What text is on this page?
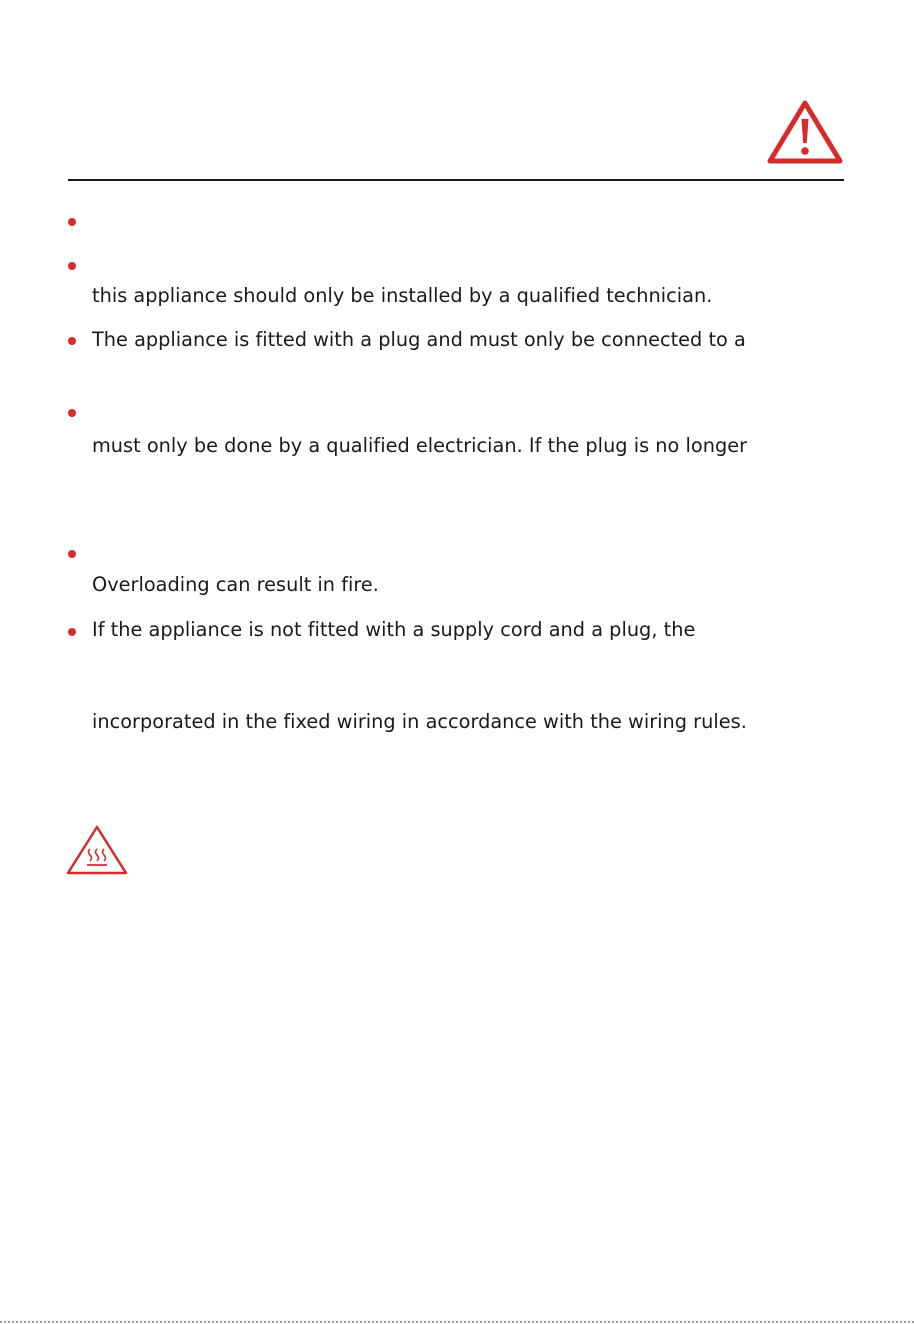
this appliance should only be installed by a qualified technician.
The appliance is fitted with a plug and must only be connected to a
must only be done by a qualified electrician. If the plug is no longer
Overloading can result in fire.
If the appliance is not fitted with a supply cord and a plug, the
incorporated in the fixed wiring in accordance with the wiring rules.
